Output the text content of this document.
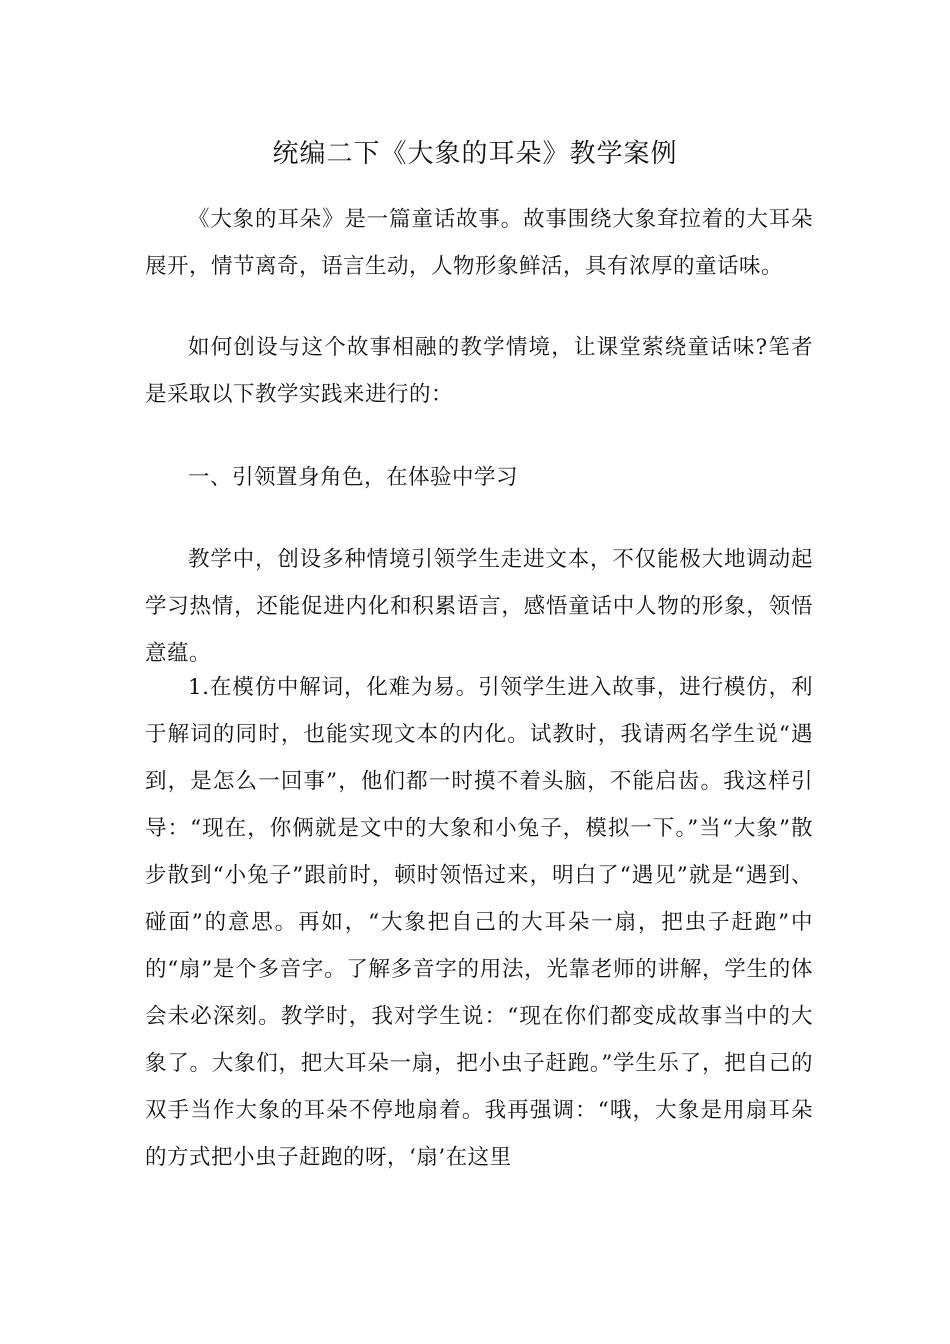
统编二下《大象的耳朵》教学案例

《大象的耳朵》是一篇童话故事。故事围绕大象耷拉着的大耳朵展开，情节离奇，语言生动，人物形象鲜活，具有浓厚的童话味。

如何创设与这个故事相融的教学情境，让课堂萦绕童话味?笔者是采取以下教学实践来进行的：

一、引领置身角色，在体验中学习

教学中，创设多种情境引领学生走进文本，不仅能极大地调动起学习热情，还能促进内化和积累语言，感悟童话中人物的形象，领悟意蕴。

1.在模仿中解词，化难为易。引领学生进入故事，进行模仿，利于解词的同时，也能实现文本的内化。试教时，我请两名学生说“遇到，是怎么一回事”，他们都一时摸不着头脑，不能启齿。我这样引导：“现在，你俩就是文中的大象和小兔子，模拟一下。”当“大象”散步散到“小兔子”跟前时，顿时领悟过来，明白了“遇见”就是“遇到、碰面”的意思。再如，“大象把自己的大耳朵一扇，把虫子赶跑”中的“扇”是个多音字。了解多音字的用法，光靠老师的讲解，学生的体会未必深刻。教学时，我对学生说：“现在你们都变成故事当中的大象了。大象们，把大耳朵一扇，把小虫子赶跑。”学生乐了，把自己的双手当作大象的耳朵不停地扇着。我再强调：“哦，大象是用扇耳朵的方式把小虫子赶跑的呀，‘扇’在这里
